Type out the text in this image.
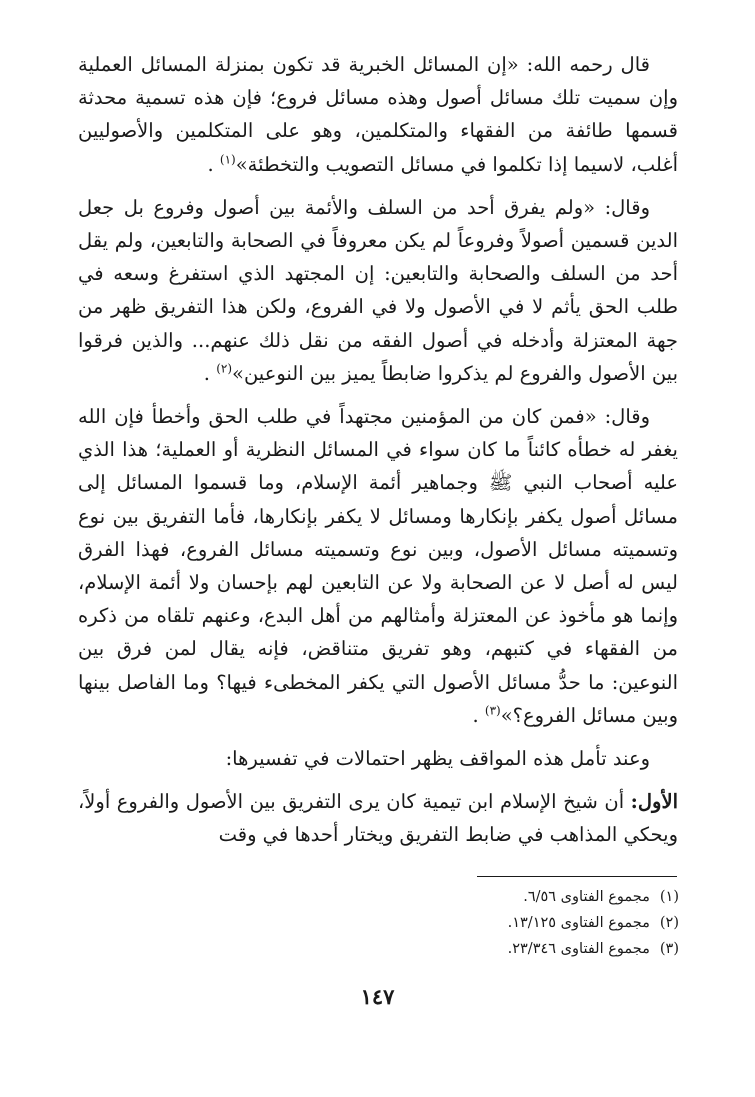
قال رحمه الله: «إن المسائل الخبرية قد تكون بمنزلة المسائل العملية وإن سميت تلك مسائل أصول وهذه مسائل فروع؛ فإن هذه تسمية محدثة قسمها طائفة من الفقهاء والمتكلمين، وهو على المتكلمين والأصوليين أغلب، لاسيما إذا تكلموا في مسائل التصويب والتخطئة»$^{(١)}$ .

وقال: «ولم يفرق أحد من السلف والأئمة بين أصول وفروع بل جعل الدين قسمين أصولاً وفروعاً لم يكن معروفاً في الصحابة والتابعين، ولم يقل أحد من السلف والصحابة والتابعين: إن المجتهد الذي استفرغ وسعه في طلب الحق يأثم لا في الأصول ولا في الفروع، ولكن هذا التفريق ظهر من جهة المعتزلة وأدخله في أصول الفقه من نقل ذلك عنهم... والذين فرقوا بين الأصول والفروع لم يذكروا ضابطاً يميز بين النوعين»$^{(٢)}$ .

وقال: «فمن كان من المؤمنين مجتهداً في طلب الحق وأخطأ فإن الله يغفر له خطأه كائناً ما كان سواء في المسائل النظرية أو العملية؛ هذا الذي عليه أصحاب النبي ﷺ وجماهير أئمة الإسلام، وما قسموا المسائل إلى مسائل أصول يكفر بإنكارها ومسائل لا يكفر بإنكارها، فأما التفريق بين نوع وتسميته مسائل الأصول، وبين نوع وتسميته مسائل الفروع، فهذا الفرق ليس له أصل لا عن الصحابة ولا عن التابعين لهم بإحسان ولا أئمة الإسلام، وإنما هو مأخوذ عن المعتزلة وأمثالهم من أهل البدع، وعنهم تلقاه من ذكره من الفقهاء في كتبهم، وهو تفريق متناقض، فإنه يقال لمن فرق بين النوعين: ما حدُّ مسائل الأصول التي يكفر المخطىء فيها؟ وما الفاصل بينها وبين مسائل الفروع؟»$^{(٣)}$ .

وعند تأمل هذه المواقف يظهر احتمالات في تفسيرها:

الأول: أن شيخ الإسلام ابن تيمية كان يرى التفريق بين الأصول والفروع أولاً، ويحكي المذاهب في ضابط التفريق ويختار أحدها في وقت

(١)مجموع الفتاوى ٦/٥٦.
(٢)مجموع الفتاوى ١٣/١٢٥.
(٣)مجموع الفتاوى ٢٣/٣٤٦.
١٤٧
